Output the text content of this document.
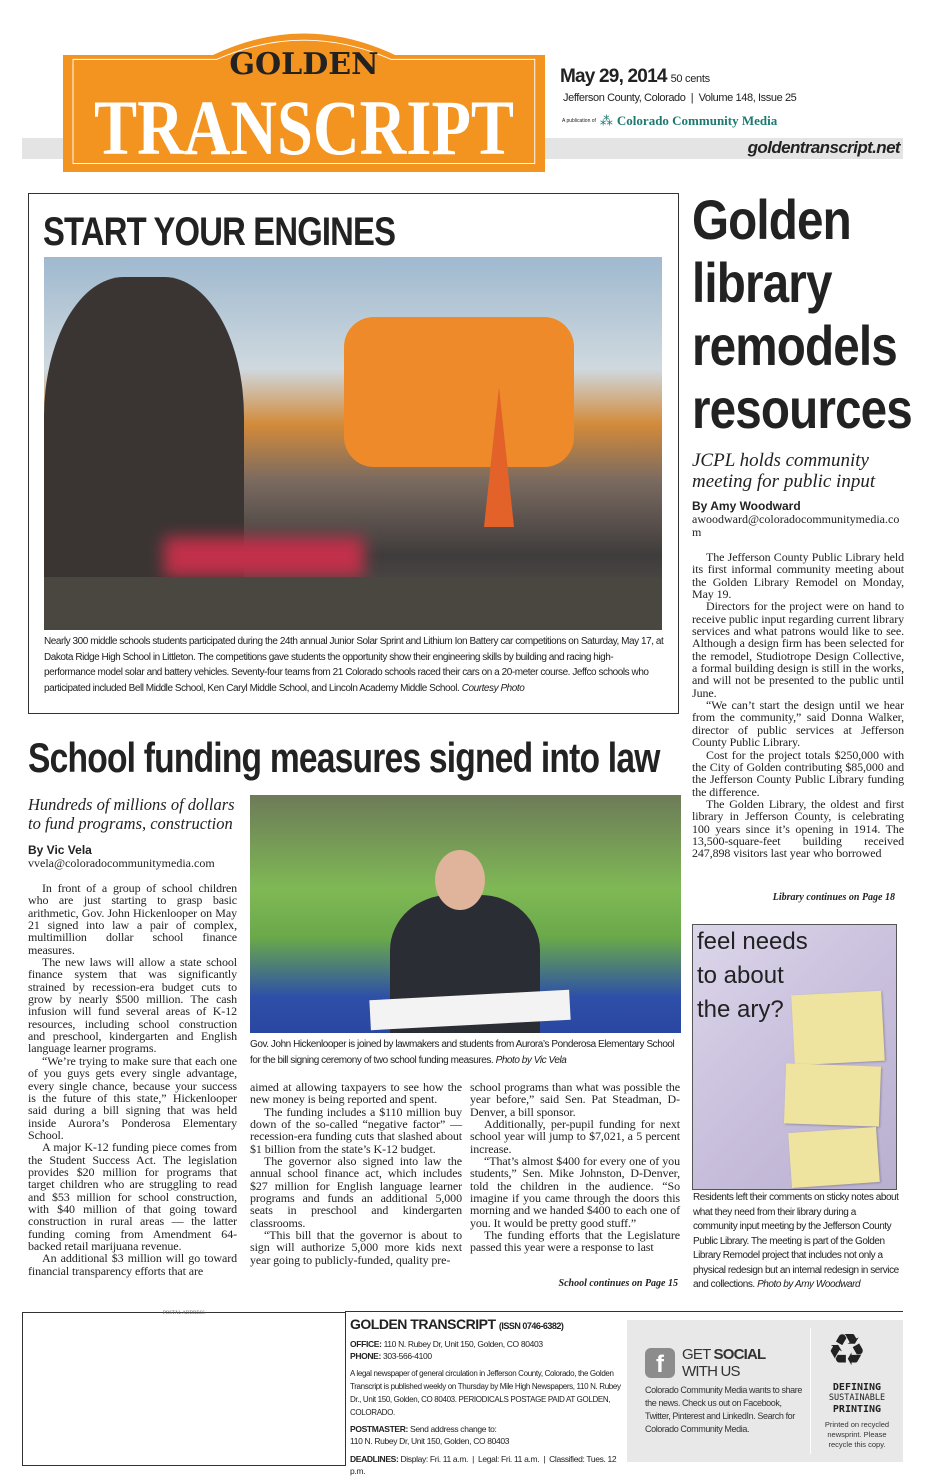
GOLDEN
TRANSCRIPT
May 29, 2014 50 cents
Jefferson County, Colorado  |  Volume 148, Issue 25
A publication of ⁂ Colorado Community Media
goldentranscript.net
START YOUR ENGINES
Nearly 300 middle schools students participated during the 24th annual Junior Solar Sprint and Lithium Ion Battery car competitions on Saturday, May 17, at Dakota Ridge High School in Littleton. The competitions gave students the opportunity show their engineering skills by building and racing high-performance model solar and battery vehicles. Seventy-four teams from 21 Colorado schools raced their cars on a 20-meter course. Jeffco schools who participated included Bell Middle School, Ken Caryl Middle School, and Lincoln Academy Middle School. Courtesy Photo
Golden library remodels resources
JCPL holds community meeting for public input
By Amy Woodward
awoodward@coloradocommunitymedia.com

The Jefferson County Public Library held its first informal community meeting about the Golden Library Remodel on Monday, May 19.

Directors for the project were on hand to receive public input regarding current library services and what patrons would like to see. Although a design firm has been selected for the remodel, Studiotrope Design Collective, a formal building design is still in the works, and will not be presented to the public until June.

“We can’t start the design until we hear from the community,” said Donna Walker, director of public services at Jefferson County Public Library.

Cost for the project totals $250,000 with the City of Golden contributing $85,000 and the Jefferson County Public Library funding the difference.

The Golden Library, the oldest and first library in Jefferson County, is celebrating 100 years since it’s opening in 1914. The 13,500-square-feet building received 247,898 visitors last year who borrowed

Library continues on Page 18
feel needs to about the ary?
Residents left their comments on sticky notes about what they need from their library during a community input meeting by the Jefferson County Public Library. The meeting is part of the Golden Library Remodel project that includes not only a physical redesign but an internal redesign in service and collections. Photo by Amy Woodward
School funding measures signed into law
Hundreds of millions of dollars to fund programs, construction
By Vic Vela
vvela@coloradocommunitymedia.com

In front of a group of school children who are just starting to grasp basic arithmetic, Gov. John Hickenlooper on May 21 signed into law a pair of complex, multimillion dollar school finance measures.

The new laws will allow a state school finance system that was significantly strained by recession-era budget cuts to grow by nearly $500 million. The cash infusion will fund several areas of K-12 resources, including school construction and preschool, kindergarten and English language learner programs.

“We’re trying to make sure that each one of you guys gets every single advantage, every single chance, because your success is the future of this state,” Hickenlooper said during a bill signing that was held inside Aurora’s Ponderosa Elementary School.

A major K-12 funding piece comes from the Student Success Act. The legislation provides $20 million for programs that target children who are struggling to read and $53 million for school construction, with $40 million of that going toward construction in rural areas — the latter funding coming from Amendment 64-backed retail marijuana revenue.

An additional $3 million will go toward financial transparency efforts that are

Gov. John Hickenlooper is joined by lawmakers and students from Aurora’s Ponderosa Elementary School for the bill signing ceremony of two school funding measures. Photo by Vic Vela

aimed at allowing taxpayers to see how the new money is being reported and spent.

The funding includes a $110 million buy down of the so-called “negative factor” — recession-era funding cuts that slashed about $1 billion from the state’s K-12 budget.

The governor also signed into law the annual school finance act, which includes $27 million for English language learner programs and funds an additional 5,000 seats in preschool and kindergarten classrooms.

“This bill that the governor is about to sign will authorize 5,000 more kids next year going to publicly-funded, quality pre-

school programs than what was possible the year before,” said Sen. Pat Steadman, D-Denver, a bill sponsor.

Additionally, per-pupil funding for next school year will jump to $7,021, a 5 percent increase.

“That’s almost $400 for every one of you students,” Sen. Mike Johnston, D-Denver, told the children in the audience. “So imagine if you came through the doors this morning and we handed $400 to each one of you. It would be pretty good stuff.”

The funding efforts that the Legislature passed this year were a response to last

School continues on Page 15
POSTAL ADDRESS
GOLDEN TRANSCRIPT (ISSN 0746-6382)
OFFICE: 110 N. Rubey Dr, Unit 150, Golden, CO 80403
PHONE: 303-566-4100
A legal newspaper of general circulation in Jefferson County, Colorado, the Golden Transcript is published weekly on Thursday by Mile High Newspapers, 110 N. Rubey Dr., Unit 150, Golden, CO 80403. PERIODICALS POSTAGE PAID AT GOLDEN, COLORADO.
POSTMASTER: Send address change to:
110 N. Rubey Dr, Unit 150, Golden, CO 80403
DEADLINES: Display: Fri. 11 a.m.  |  Legal: Fri. 11 a.m.  |  Classified: Tues. 12 p.m.
f	GET SOCIAL
WITH US
Colorado Community Media wants to share the news. Check us out on Facebook, Twitter, Pinterest and LinkedIn. Search for Colorado Community Media.
♻
DEFINING
SUSTAINABLE
PRINTING
Printed on recycled newsprint. Please recycle this copy.
